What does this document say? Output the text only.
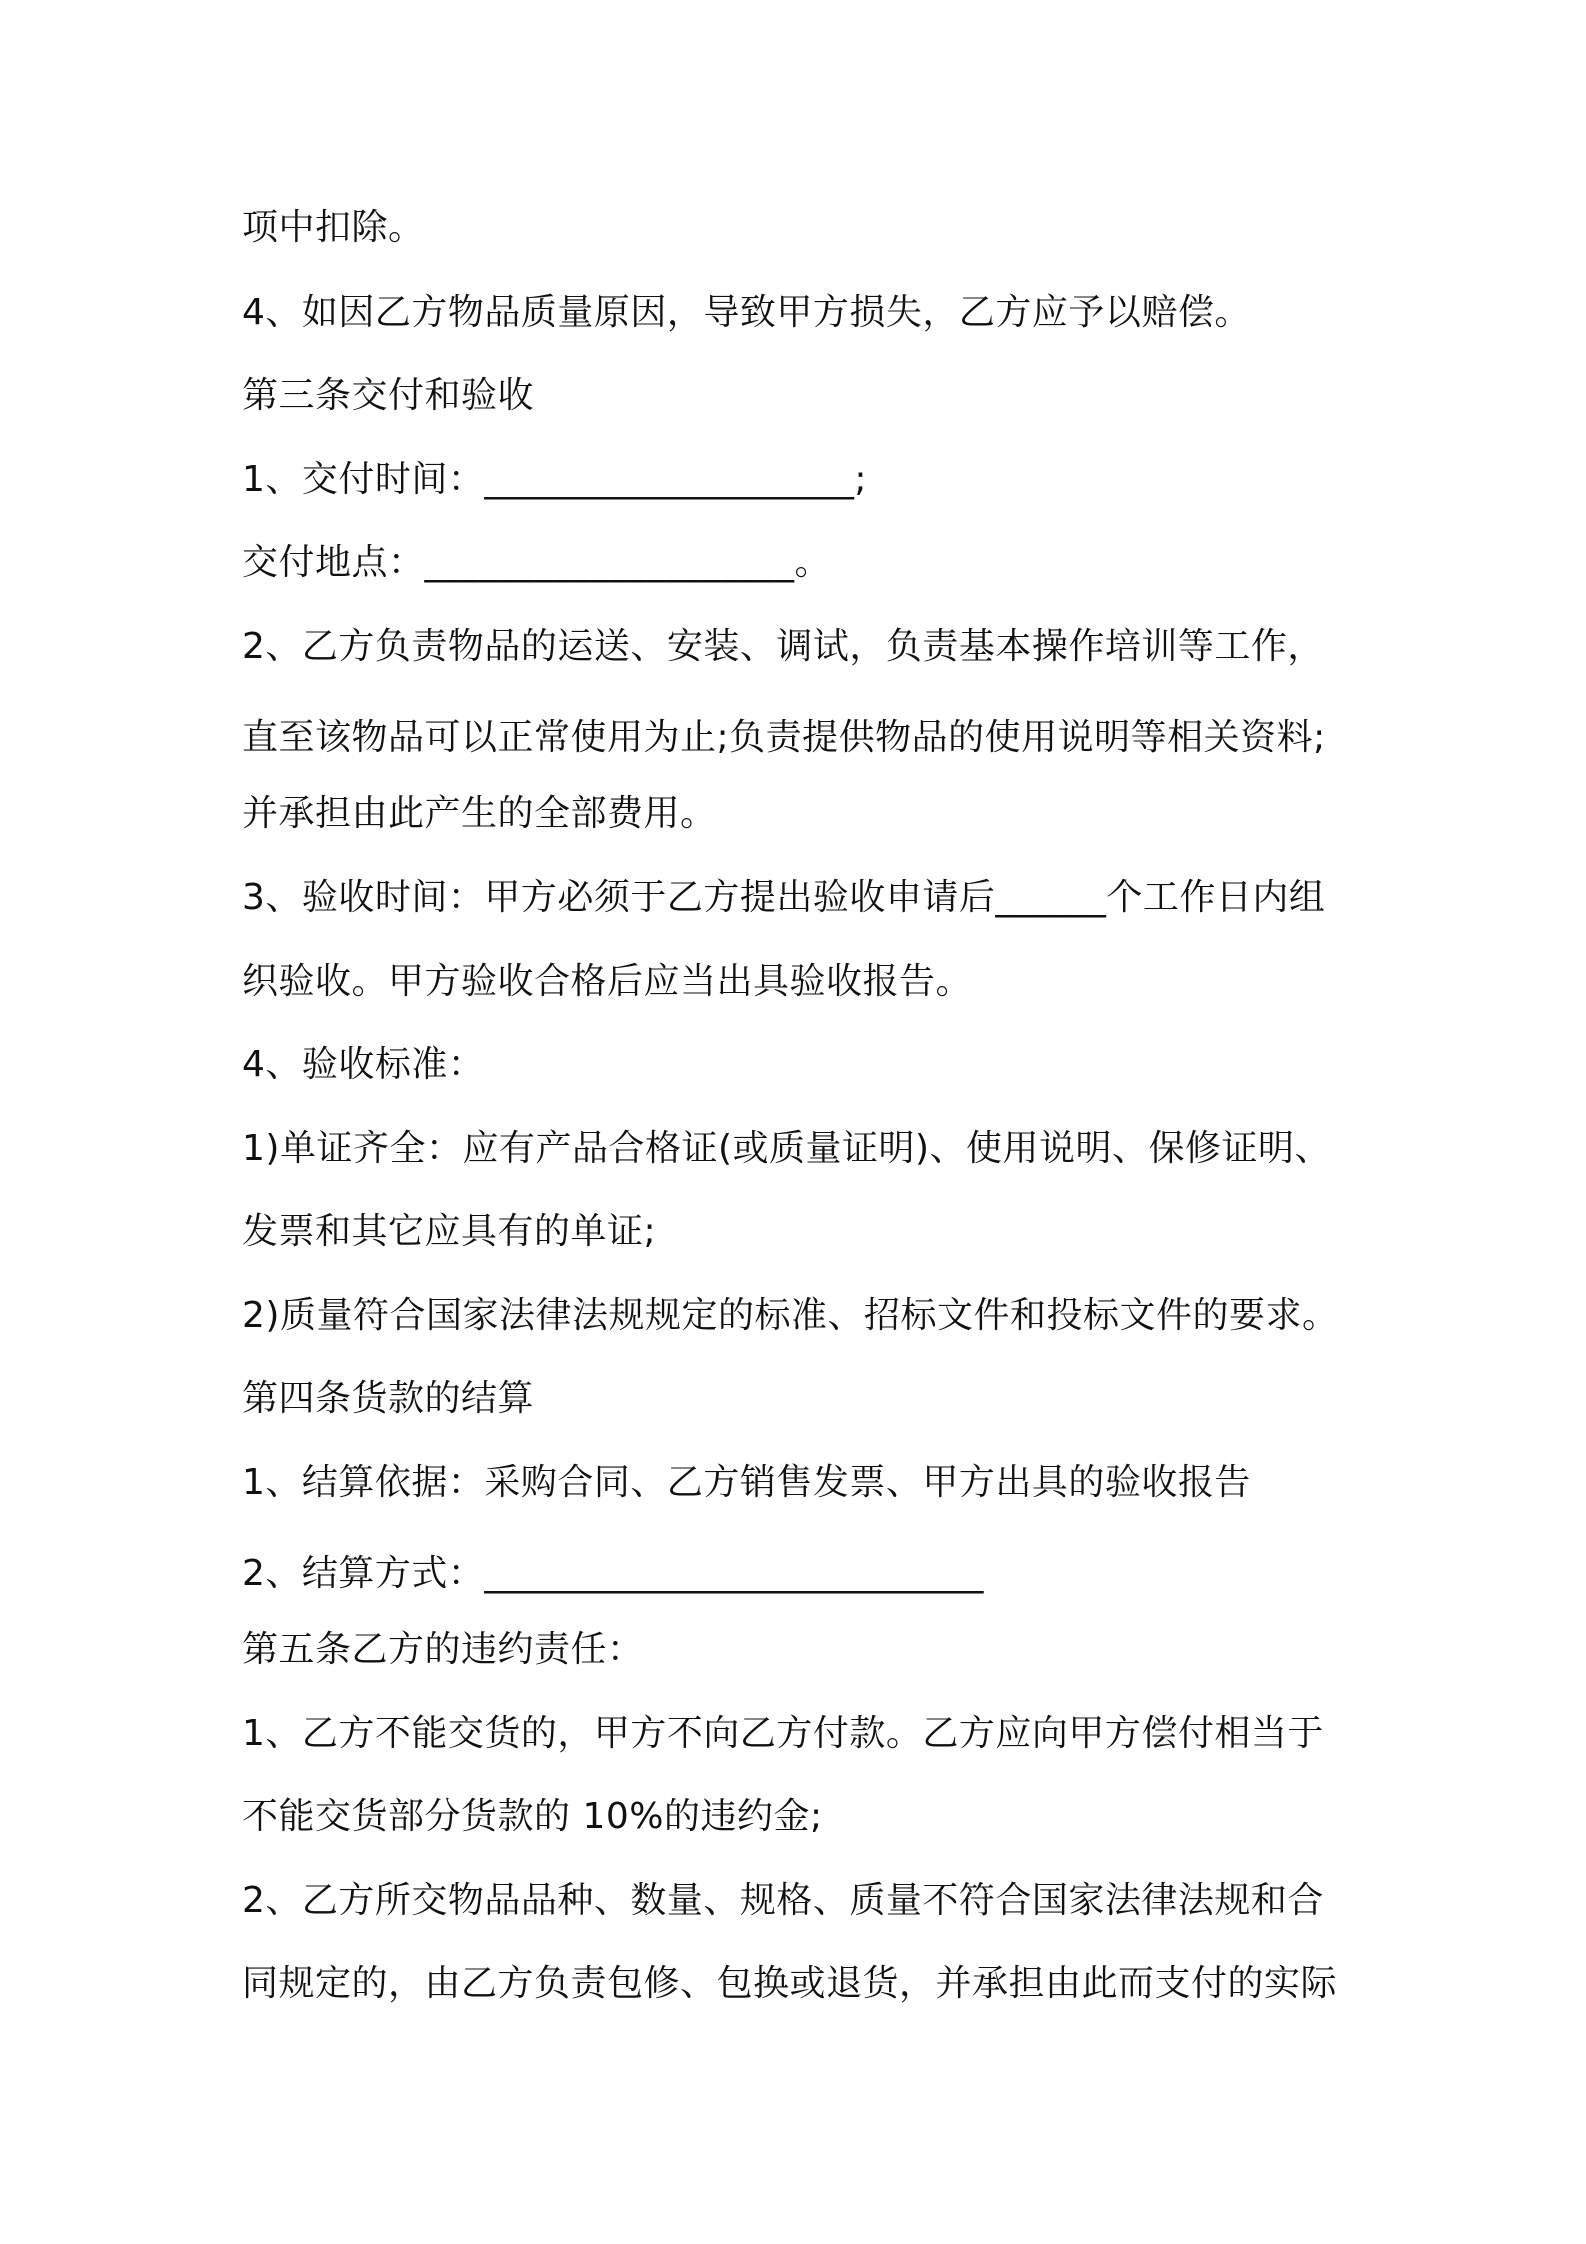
项中扣除。
4、如因乙方物品质量原因，导致甲方损失，乙方应予以赔偿。
第三条交付和验收
1、交付时间：____________________;
交付地点：____________________。
2、乙方负责物品的运送、安装、调试，负责基本操作培训等工作，
直至该物品可以正常使用为止;负责提供物品的使用说明等相关资料;
并承担由此产生的全部费用。
3、验收时间：甲方必须于乙方提出验收申请后______个工作日内组
织验收。甲方验收合格后应当出具验收报告。
4、验收标准：
1)单证齐全：应有产品合格证(或质量证明)、使用说明、保修证明、
发票和其它应具有的单证;
2)质量符合国家法律法规规定的标准、招标文件和投标文件的要求。
第四条货款的结算
1、结算依据：采购合同、乙方销售发票、甲方出具的验收报告
2、结算方式：___________________________
第五条乙方的违约责任：
1、乙方不能交货的，甲方不向乙方付款。乙方应向甲方偿付相当于
不能交货部分货款的 10%的违约金;
2、乙方所交物品品种、数量、规格、质量不符合国家法律法规和合
同规定的，由乙方负责包修、包换或退货，并承担由此而支付的实际
